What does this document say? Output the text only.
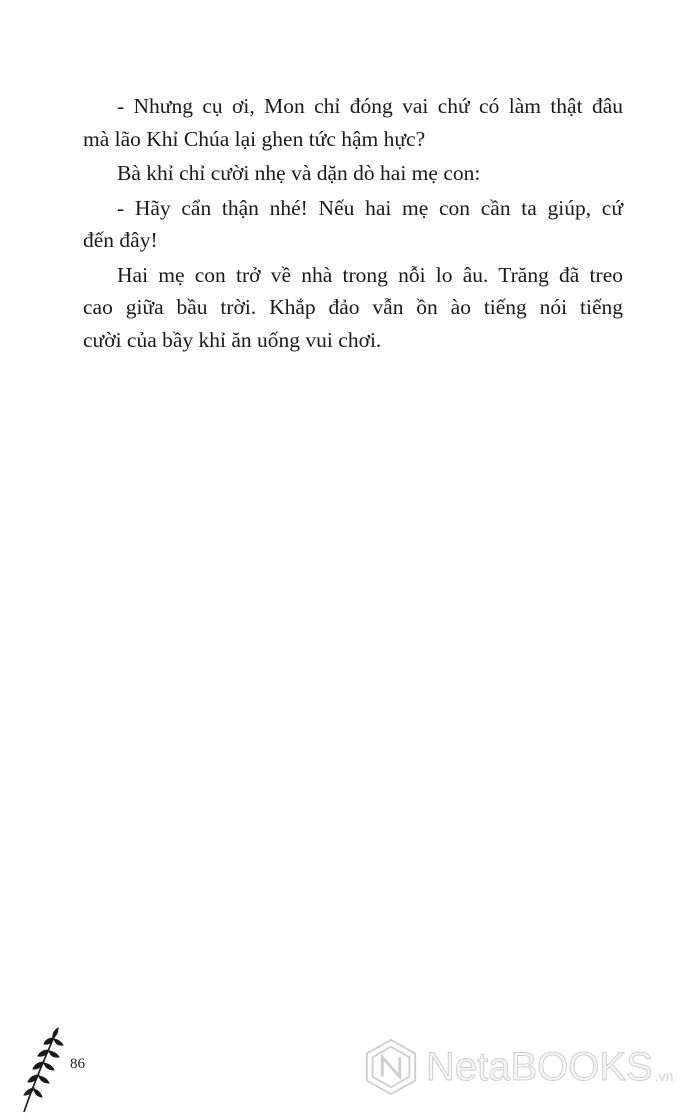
- Nhưng cụ ơi, Mon chỉ đóng vai chứ có làm thật đâu
mà lão Khỉ Chúa lại ghen tức hậm hực?

Bà khỉ chỉ cười nhẹ và dặn dò hai mẹ con:

- Hãy cẩn thận nhé! Nếu hai mẹ con cần ta giúp, cứ
đến đây!

Hai mẹ con trở về nhà trong nỗi lo âu. Trăng đã treo
cao giữa bầu trời. Khắp đảo vẫn ồn ào tiếng nói tiếng
cười của bầy khỉ ăn uống vui chơi.

86	NetaBOOKS .vn
